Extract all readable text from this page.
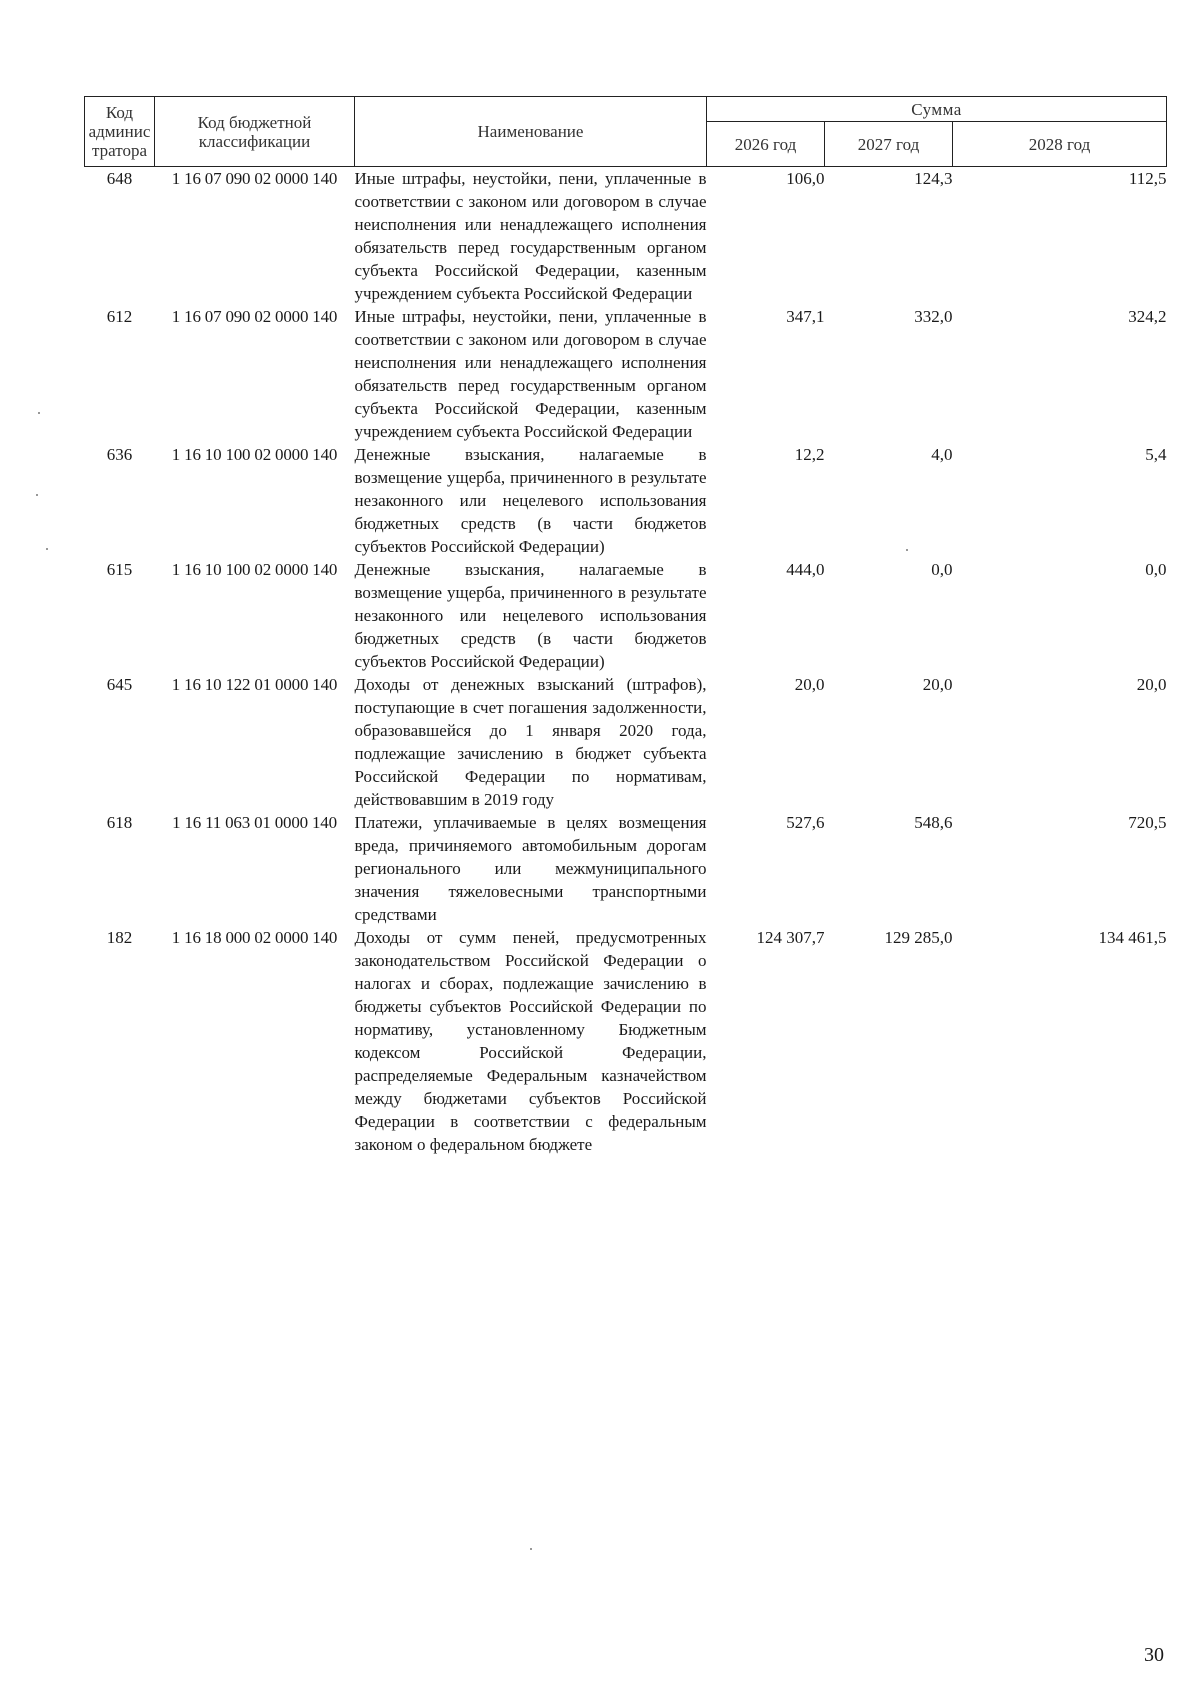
Код админис тратора	Код бюджетной классификации	Наименование	Сумма		
			2026 год	2027 год	2028 год
648	1 16 07 090 02 0000 140	Иные штрафы, неустойки, пени, уплаченные в соответствии с законом или договором в случае неисполнения или ненадлежащего исполнения обязательств перед государственным органом субъекта Российской Федерации, казенным учреждением субъекта Российской Федерации	106,0	124,3	112,5
612	1 16 07 090 02 0000 140	Иные штрафы, неустойки, пени, уплаченные в соответствии с законом или договором в случае неисполнения или ненадлежащего исполнения обязательств перед государственным органом субъекта Российской Федерации, казенным учреждением субъекта Российской Федерации	347,1	332,0	324,2
636	1 16 10 100 02 0000 140	Денежные взыскания, налагаемые в возмещение ущерба, причиненного в результате незаконного или нецелевого использования бюджетных средств (в части бюджетов субъектов Российской Федерации)	12,2	4,0	5,4
615	1 16 10 100 02 0000 140	Денежные взыскания, налагаемые в возмещение ущерба, причиненного в результате незаконного или нецелевого использования бюджетных средств (в части бюджетов субъектов Российской Федерации)	444,0	0,0	0,0
645	1 16 10 122 01 0000 140	Доходы от денежных взысканий (штрафов), поступающие в счет погашения задолженности, образовавшейся до 1 января 2020 года, подлежащие зачислению в бюджет субъекта Российской Федерации по нормативам, действовавшим в 2019 году	20,0	20,0	20,0
618	1 16 11 063 01 0000 140	Платежи, уплачиваемые в целях возмещения вреда, причиняемого автомобильным дорогам регионального или межмуниципального значения тяжеловесными транспортными средствами	527,6	548,6	720,5
182	1 16 18 000 02 0000 140	Доходы от сумм пеней, предусмотренных законодательством Российской Федерации о налогах и сборах, подлежащие зачислению в бюджеты субъектов Российской Федерации по нормативу, установленному Бюджетным кодексом Российской Федерации, распределяемые Федеральным казначейством между бюджетами субъектов Российской Федерации в соответствии с федеральным законом о федеральном бюджете	124 307,7	129 285,0	134 461,5
30
